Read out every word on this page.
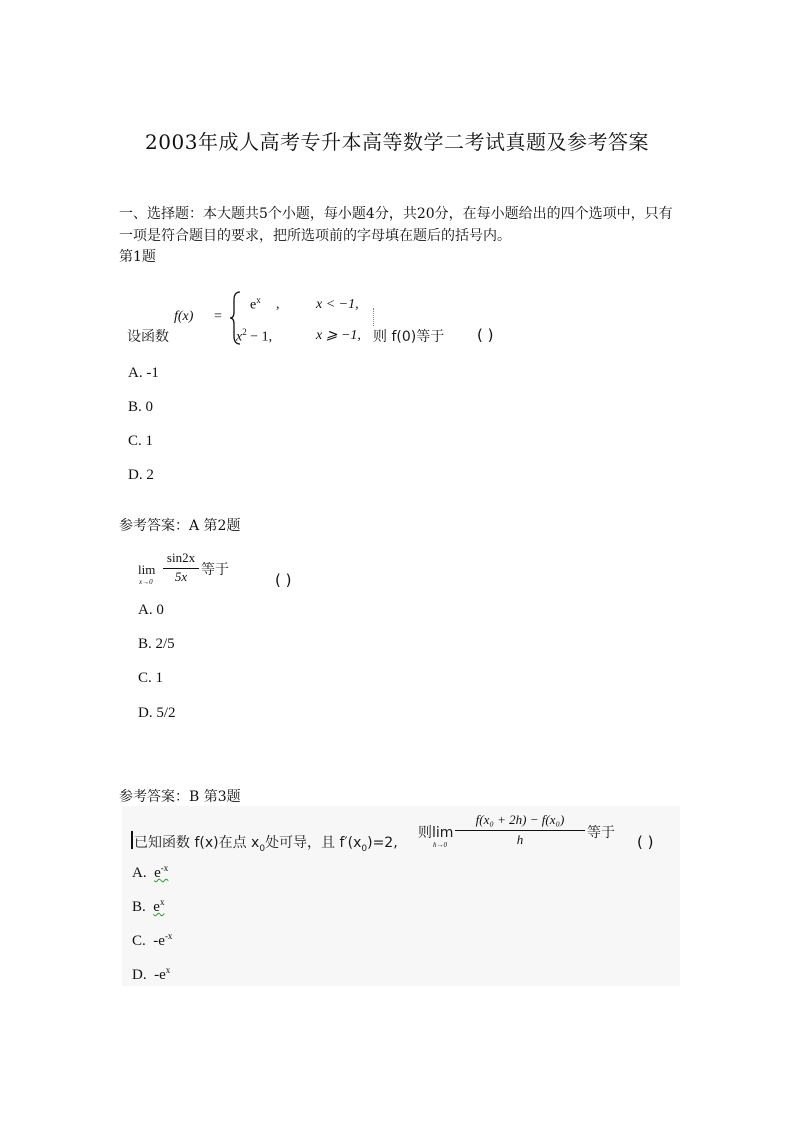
2003年成人高考专升本高等数学二考试真题及参考答案
一、选择题：本大题共5个小题，每小题4分，共20分，在每小题给出的四个选项中，只有一项是符合题目的要求，把所选项前的字母填在题后的括号内。
第1题
设函数
f(x) =
$e^x$ ,	x < −1,
$x^2 - 1$,	x ⩾ −1, 则 f(0)等于 ( )
A. -1
B. 0
C. 1
D. 2
参考答案：A 第2题
lim
x→0
sin2x
5x 等于
( )
A. 0
B. 2/5
C. 1
D. 5/2
参考答案：B 第3题
已知函数 f(x)在点 $x_0$处可导，且 $f'(x_0)=2$,
则lim
h→0
f(x₀ + 2h) − f(x₀)
h	等于 ( )
A. $e^{-x}$
B. $e^x$
C. $-e^{-x}$
D. $-e^x$
